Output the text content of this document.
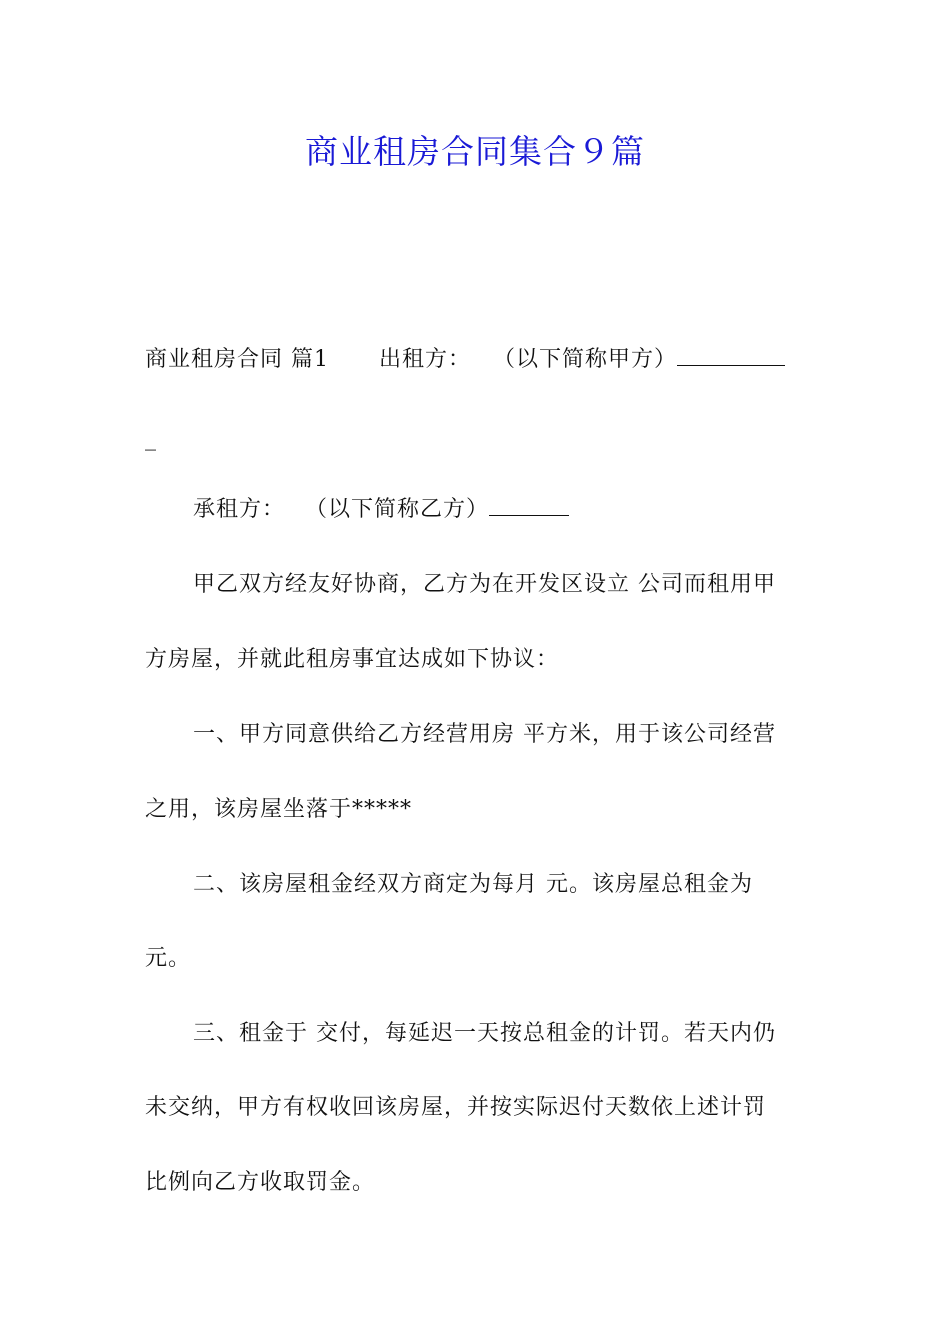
商业租房合同集合９篇
商业租房合同 篇1 出租方： （以下简称甲方）
_
承租方： （以下简称乙方）
甲乙双方经友好协商，乙方为在开发区设立 公司而租用甲
方房屋，并就此租房事宜达成如下协议：
一、甲方同意供给乙方经营用房 平方米，用于该公司经营
之用，该房屋坐落于*****
二、该房屋租金经双方商定为每月 元。该房屋总租金为
元。
三、租金于 交付，每延迟一天按总租金的计罚。若天内仍
未交纳，甲方有权收回该房屋，并按实际迟付天数依上述计罚
比例向乙方收取罚金。
